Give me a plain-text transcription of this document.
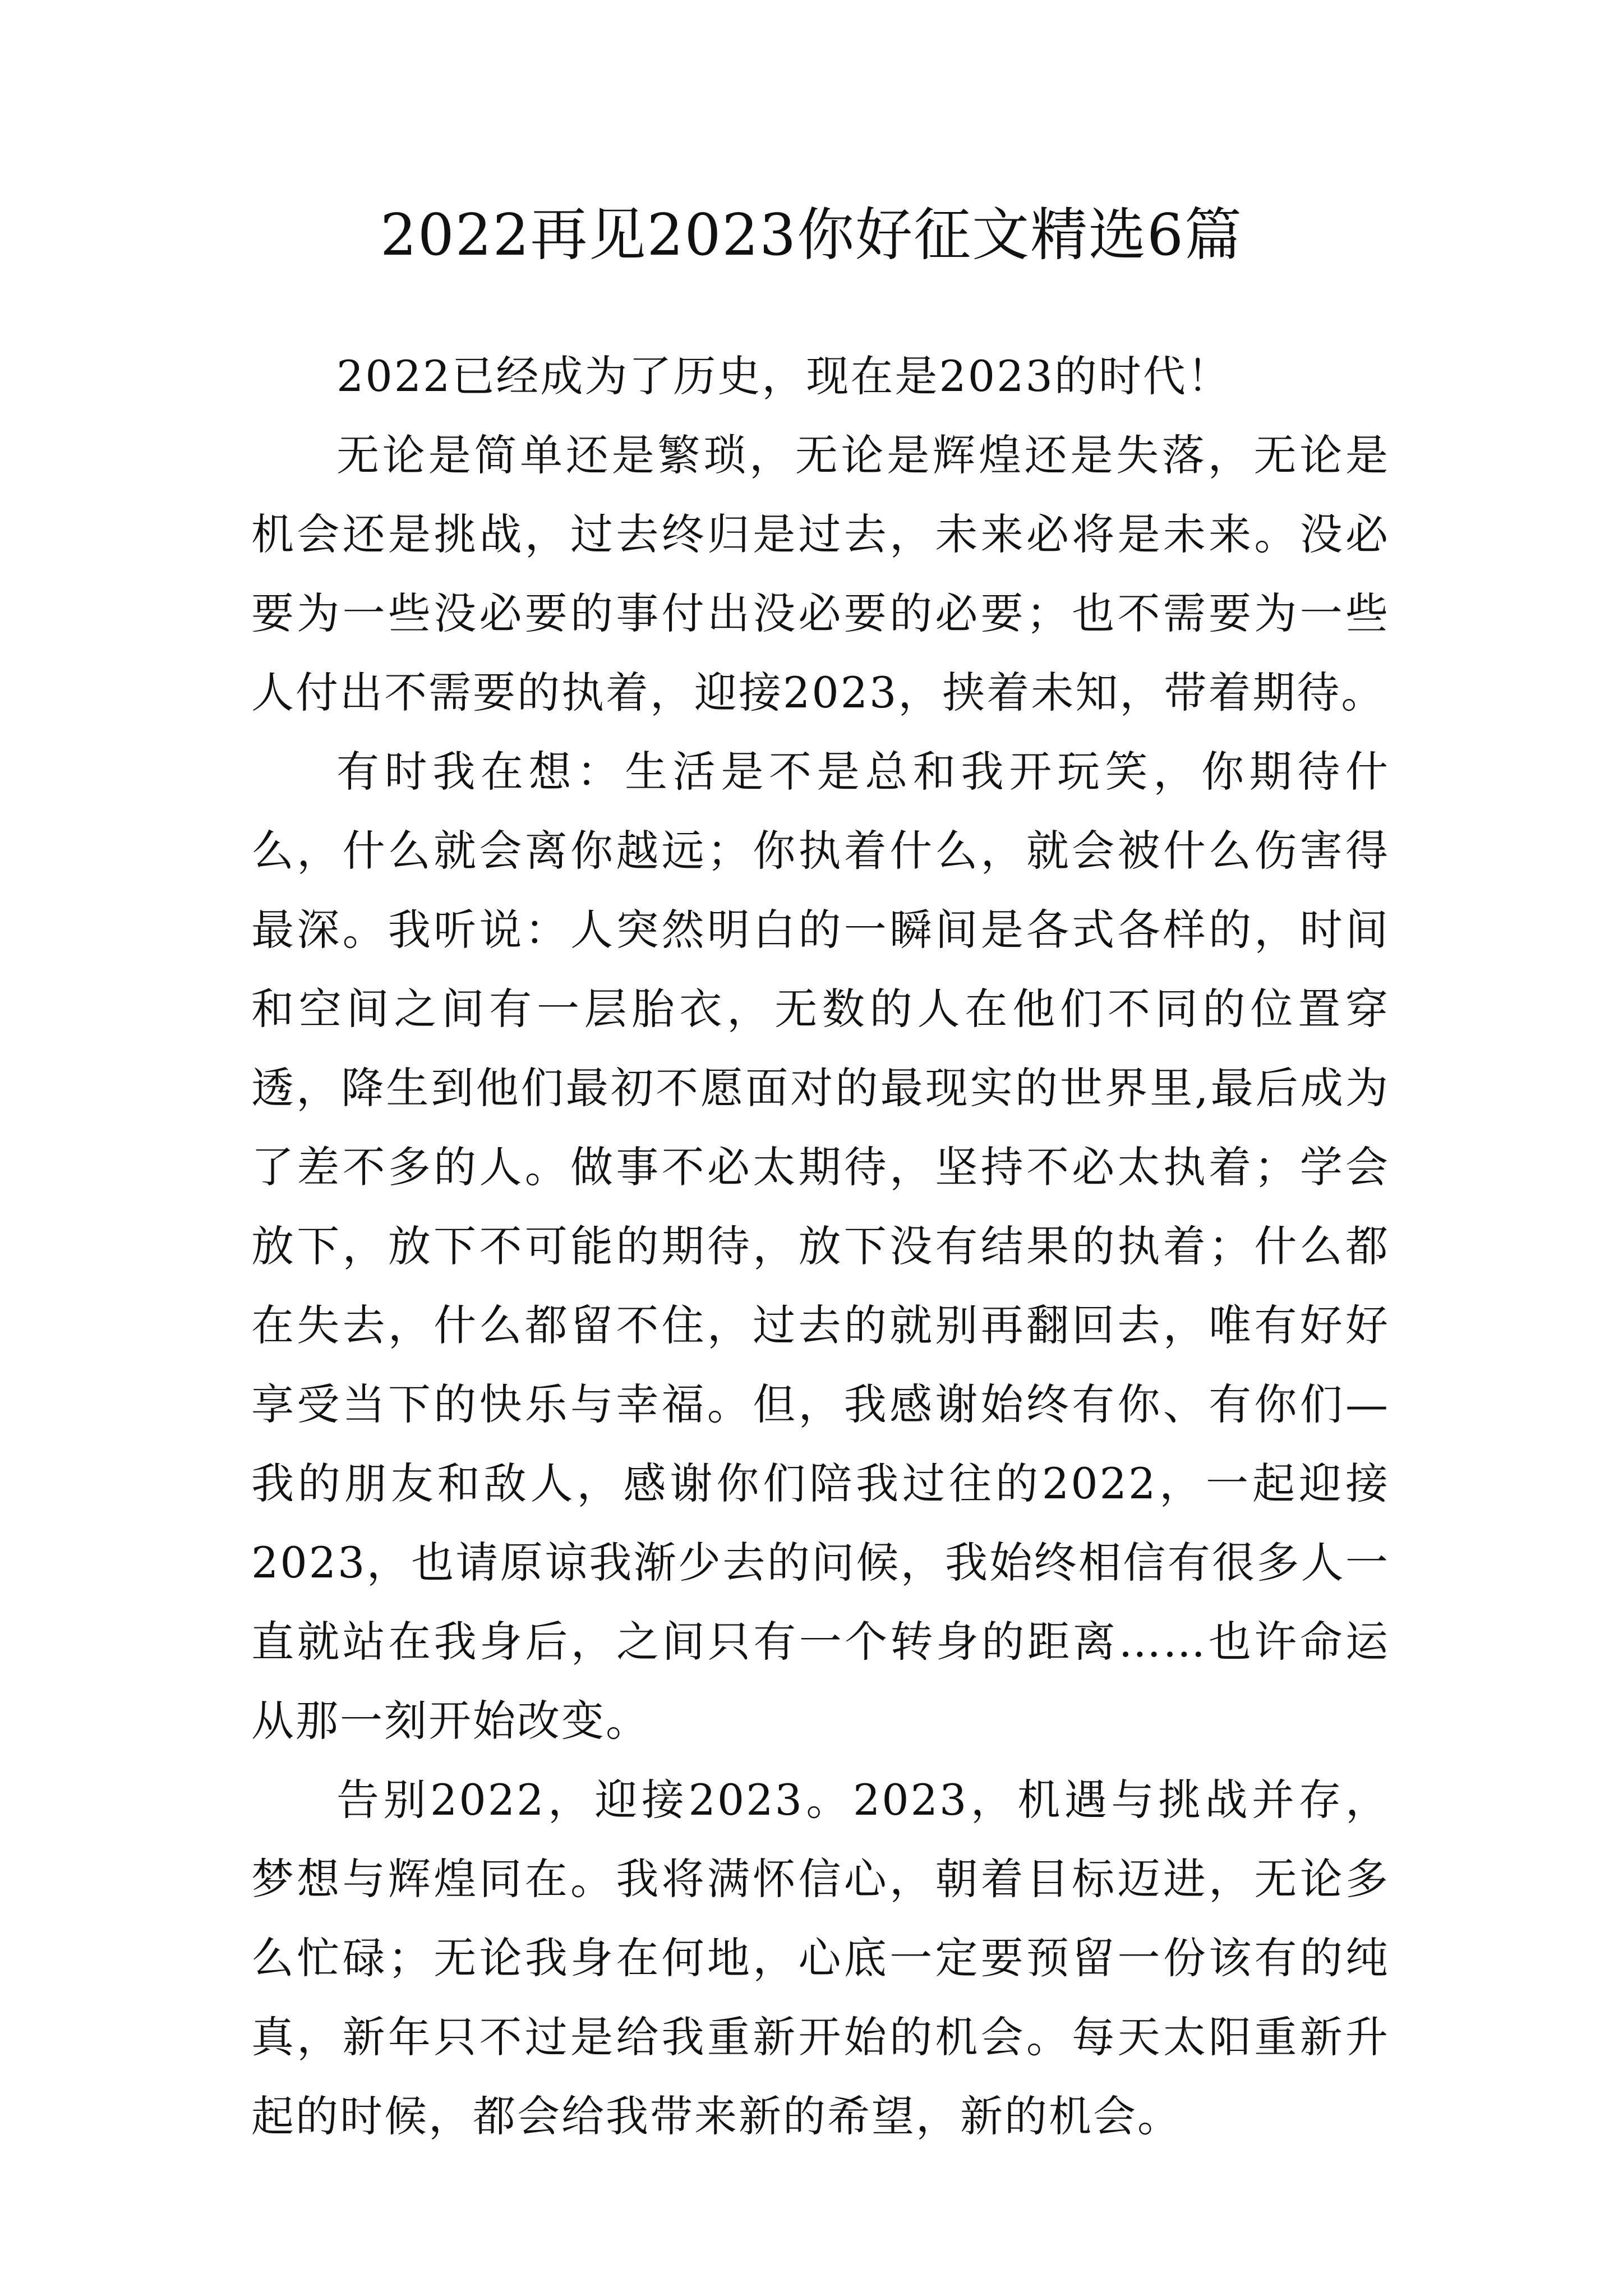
2022再见2023你好征文精选6篇

2022已经成为了历史，现在是2023的时代！

无论是简单还是繁琐，无论是辉煌还是失落，无论是机会还是挑战，过去终归是过去，未来必将是未来。没必要为一些没必要的事付出没必要的必要；也不需要为一些人付出不需要的执着，迎接2023，挟着未知，带着期待。

有时我在想：生活是不是总和我开玩笑，你期待什么，什么就会离你越远；你执着什么，就会被什么伤害得最深。我听说：人突然明白的一瞬间是各式各样的，时间和空间之间有一层胎衣，无数的人在他们不同的位置穿透，降生到他们最初不愿面对的最现实的世界里,最后成为了差不多的人。做事不必太期待，坚持不必太执着；学会放下，放下不可能的期待，放下没有结果的执着；什么都在失去，什么都留不住，过去的就别再翻回去，唯有好好享受当下的快乐与幸福。但，我感谢始终有你、有你们—我的朋友和敌人，感谢你们陪我过往的2022，一起迎接2023，也请原谅我渐少去的问候，我始终相信有很多人一直就站在我身后，之间只有一个转身的距离……也许命运从那一刻开始改变。

告别2022，迎接2023。2023，机遇与挑战并存，梦想与辉煌同在。我将满怀信心，朝着目标迈进，无论多么忙碌；无论我身在何地，心底一定要预留一份该有的纯真，新年只不过是给我重新开始的机会。每天太阳重新升起的时候，都会给我带来新的希望，新的机会。
